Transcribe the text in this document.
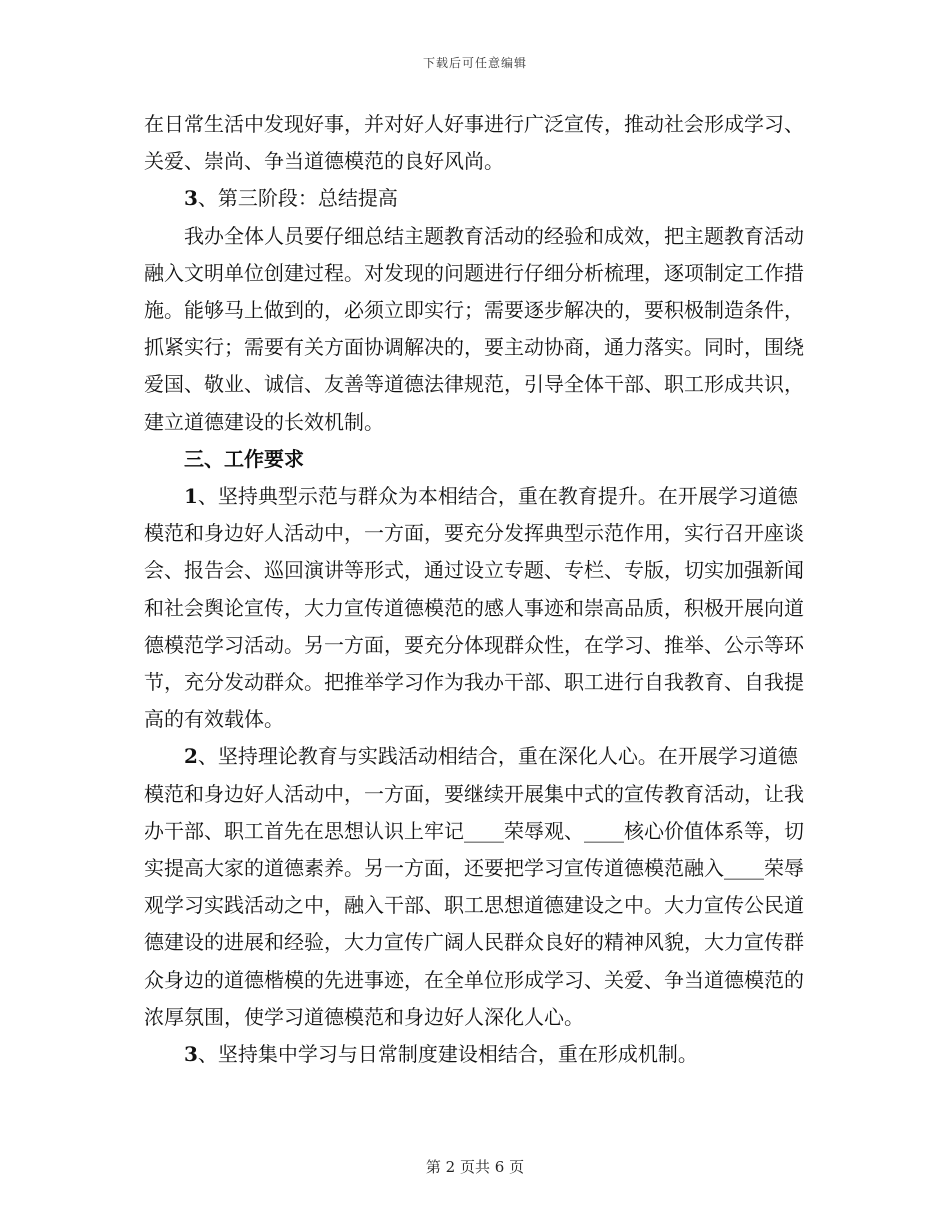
下载后可任意编辑

在日常生活中发现好事，并对好人好事进行广泛宣传，推动社会形成学习、关爱、崇尚、争当道德模范的良好风尚。

3、第三阶段：总结提高

我办全体人员要仔细总结主题教育活动的经验和成效，把主题教育活动融入文明单位创建过程。对发现的问题进行仔细分析梳理，逐项制定工作措施。能够马上做到的，必须立即实行；需要逐步解决的，要积极制造条件，抓紧实行；需要有关方面协调解决的，要主动协商，通力落实。同时，围绕爱国、敬业、诚信、友善等道德法律规范，引导全体干部、职工形成共识，建立道德建设的长效机制。

三、工作要求

1、坚持典型示范与群众为本相结合，重在教育提升。在开展学习道德模范和身边好人活动中，一方面，要充分发挥典型示范作用，实行召开座谈会、报告会、巡回演讲等形式，通过设立专题、专栏、专版，切实加强新闻和社会舆论宣传，大力宣传道德模范的感人事迹和崇高品质，积极开展向道德模范学习活动。另一方面，要充分体现群众性，在学习、推举、公示等环节，充分发动群众。把推举学习作为我办干部、职工进行自我教育、自我提高的有效载体。

2、坚持理论教育与实践活动相结合，重在深化人心。在开展学习道德模范和身边好人活动中，一方面，要继续开展集中式的宣传教育活动，让我办干部、职工首先在思想认识上牢记____荣辱观、____核心价值体系等，切实提高大家的道德素养。另一方面，还要把学习宣传道德模范融入____荣辱观学习实践活动之中，融入干部、职工思想道德建设之中。大力宣传公民道德建设的进展和经验，大力宣传广阔人民群众良好的精神风貌，大力宣传群众身边的道德楷模的先进事迹，在全单位形成学习、关爱、争当道德模范的浓厚氛围，使学习道德模范和身边好人深化人心。

3、坚持集中学习与日常制度建设相结合，重在形成机制。

第 2 页共 6 页
